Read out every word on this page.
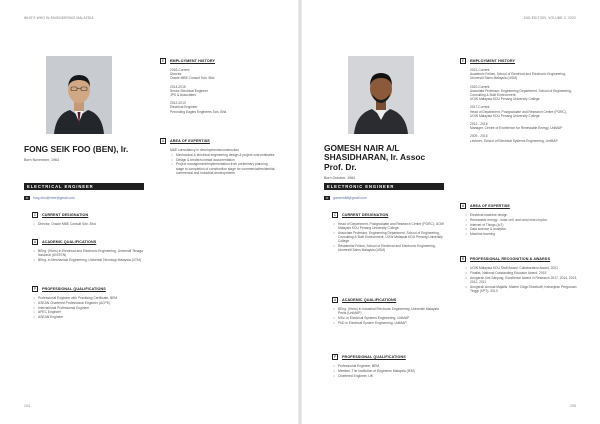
WHO'S WHO IN ENGINEERING MALAYSIA
FONG SEIK FOO (BEN), Ir.
Born November, 1964
ELECTRICAL ENGINEER
✉	fong.sfoo@mbe@gmail.com
C	CURRENT DESIGNATION
• Director, Oracle MBE Consult Sdn. Bhd.
A	ACADEMIC QUALIFICATIONS
• BEng. (Hons) in Electrical and Electronic Engineering, Universiti Tenaga Nasional (UNITEN)
• BEng. in Mechanical Engineering, Universiti Teknologi Malaysia (UTM)
P	PROFESSIONAL QUALIFICATIONS
• Professional Engineer with Practising Certificate, BEM
• ASEAN Chartered Professional Engineer (ACPE)
• International Professional Engineer
• APEC Engineer
• ASEAN Engineer
E	EMPLOYMENT HISTORY
2016-Current
Director
Oracle MBE Consult Sdn. Bhd.
2014-2015
Senior Electrical Engineer
JPK & Associates
2012-2013
Electrical Engineer
Perunding Eagles Engineers Sdn. Bhd.
A	AREA OF EXPERTISE
M&E consultancy in developments/construction
• Mechanical & electrical engineering design & project cost estimates
• Design & tender/contract documentation
• Project management/implementation from preliminary planning stage to completion of construction stage for commercial/residential, commercial and industrial developments
204
2ND EDITION, VOLUME 2, 2022
GOMESH NAIR A/L
SHASIDHARAN, Ir. Assoc
Prof. Dr.
Born October, 1984
ELECTRONIC ENGINEER
✉	gomesh88@gmail.com
C	CURRENT DESIGNATION
• Head of Department, Postgraduate and Research Centre (PGRC), UOW Malaysia KDU Penang University College
• Associate Professor, Engineering Department, School of Engineering, Consulting & Built Environment, UOW Malaysia KDU Penang University College
• Residential Fellow, School of Electrical and Electronic Engineering, Universiti Sains Malaysia (USM)
A	ACADEMIC QUALIFICATIONS
• BEng. (Hons) in Industrial Electronic Engineering, Universiti Malaysia Perlis (UniMAP)
• MSc. in Electrical Systems Engineering, UniMAP
• PhD in Electrical System Engineering, UniMAP
P	PROFESSIONAL QUALIFICATIONS
• Professional Engineer, BEM
• Member, The Institution of Engineers Malaysia (IEM)
• Chartered Engineer, UK
E	EMPLOYMENT HISTORY
2021-Current
Academic Fellow, School of Electrical and Electronic Engineering,
Universiti Sains Malaysia (USM)
2020-Current
Associate Professor, Engineering Department, School of Engineering, Consulting & Built Environment,
UOW Malaysia KDU Penang University College
2017-Current
Head of Department, Postgraduate and Research Centre (PGRC),
UOW Malaysia KDU Penang University College
2012 - 2016
Manager, Centre of Excellence for Renewable Energy, UniMAP
2009 - 2016
Lecturer, School of Electrical Systems Engineering, UniMAP
A	AREA OF EXPERTISE
• Electrical machine design
• Renewable energy - solar cell, and wind micro-hydro
• Internet of Things (IoT)
• Data science & analytics
• Machine learning
R	PROFESSIONAL RECOGNITION & AWARDS
• UOW Malaysia KDU Staff Award: Collaboration Award, 2021
• Finalist, National Outstanding Educator Award, 2019
• Anugerah Ilmi Sanjung, Excellence Award in Research 2017, 2014, 2013, 2012, 2011
• Anugerah Annual Majallis, Malem Cikgu Eksekutif, Kebanjiran Perguruan Tinggi (KPT), 2013
205
